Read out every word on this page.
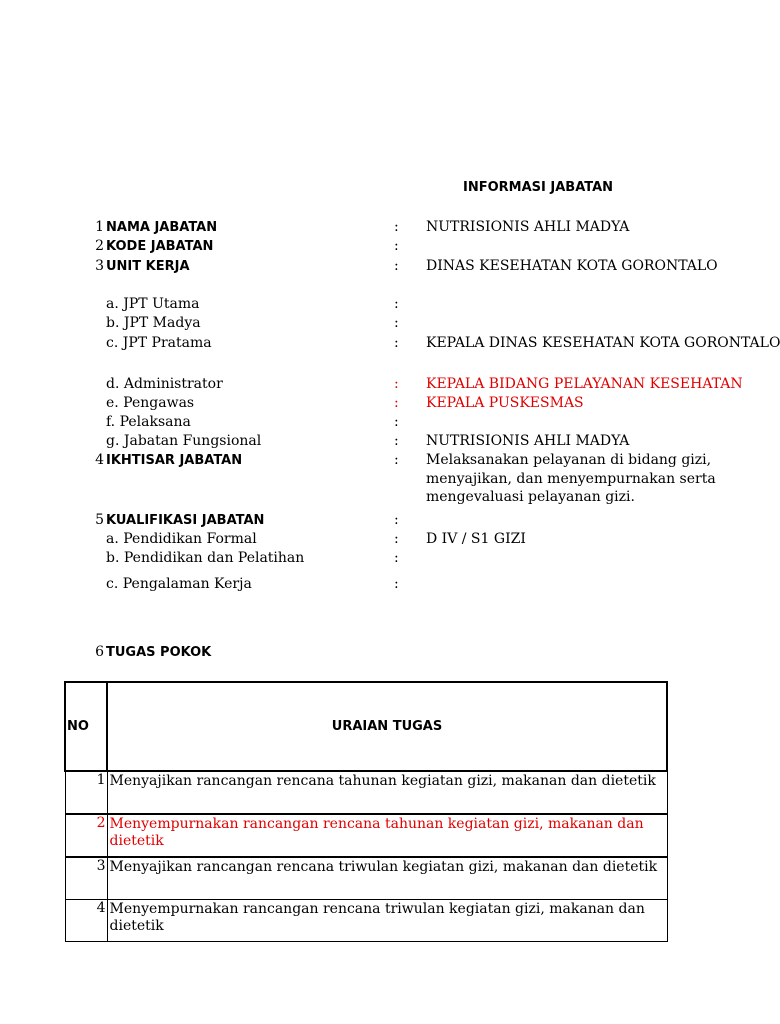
INFORMASI JABATAN
1 NAMA JABATAN	: NUTRISIONIS AHLI MADYA
2 KODE JABATAN	:
3 UNIT KERJA	: DINAS KESEHATAN KOTA GORONTALO
a. JPT Utama	:
b. JPT Madya	:
c. JPT Pratama	: KEPALA DINAS KESEHATAN KOTA GORONTALO
d. Administrator	: KEPALA BIDANG PELAYANAN KESEHATAN
e. Pengawas	: KEPALA PUSKESMAS
f. Pelaksana	:
g. Jabatan Fungsional	: NUTRISIONIS AHLI MADYA
4 IKHTISAR JABATAN	: Melaksanakan pelayanan di bidang gizi,
menyajikan, dan menyempurnakan serta
mengevaluasi pelayanan gizi.
5 KUALIFIKASI JABATAN	:
a. Pendidikan Formal	: D IV / S1 GIZI
b. Pendidikan dan Pelatihan	:
c. Pengalaman Kerja	:
6 TUGAS POKOK
NO	URAIAN TUGAS
1	Menyajikan rancangan rencana tahunan kegiatan gizi, makanan dan dietetik
2	Menyempurnakan rancangan rencana tahunan kegiatan gizi, makanan dan dietetik
3	Menyajikan rancangan rencana triwulan kegiatan gizi, makanan dan dietetik
4	Menyempurnakan rancangan rencana triwulan kegiatan gizi, makanan dan dietetik
